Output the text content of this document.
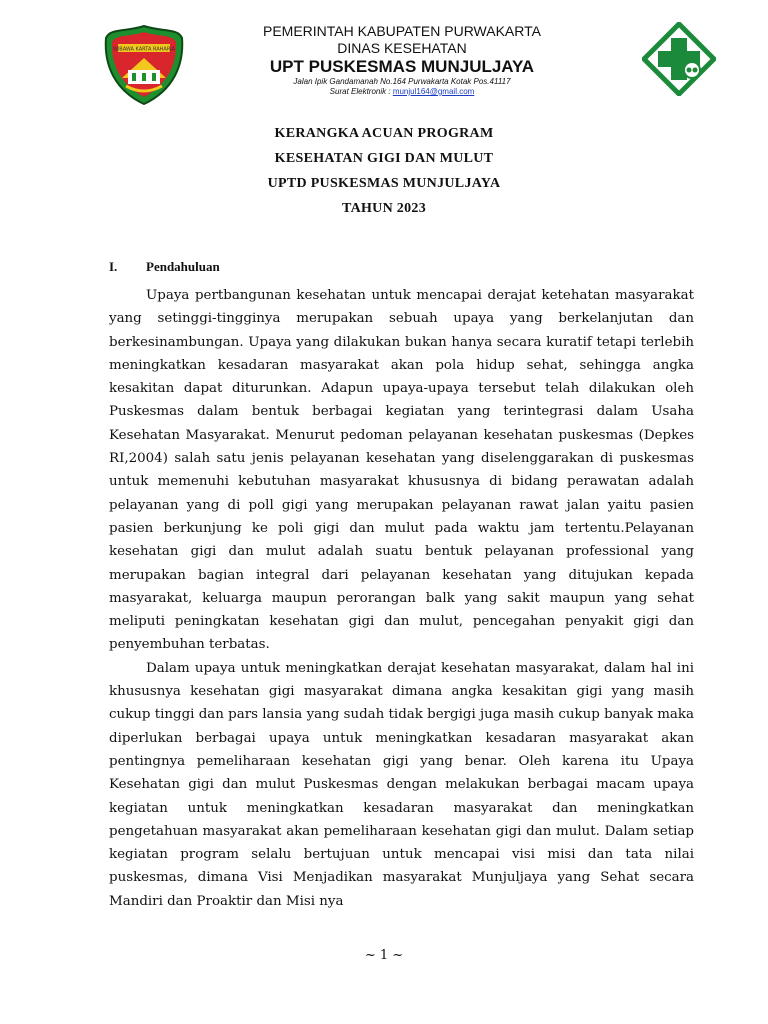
WIBAWA KARTA RAHARJA
PEMERINTAH KABUPATEN PURWAKARTA
DINAS KESEHATAN
UPT PUSKESMAS MUNJULJAYA
Jalan Ipik Gandamanah No.164 Purwakarta Kotak Pos.41117
Surat Elektronik : munjul164@gmail.com
KERANGKA ACUAN PROGRAM
KESEHATAN GIGI DAN MULUT
UPTD PUSKESMAS MUNJULJAYA
TAHUN 2023
I. Pendahuluan

Upaya pertbangunan kesehatan untuk mencapai derajat ketehatan masyarakat yang setinggi-tingginya merupakan sebuah upaya yang berkelanjutan dan berkesinambungan. Upaya yang dilakukan bukan hanya secara kuratif tetapi terlebih meningkatkan kesadaran masyarakat akan pola hidup sehat, sehingga angka kesakitan dapat diturunkan. Adapun upaya-upaya tersebut telah dilakukan oleh Puskesmas dalam bentuk berbagai kegiatan yang terintegrasi dalam Usaha Kesehatan Masyarakat. Menurut pedoman pelayanan kesehatan puskesmas (Depkes RI,2004) salah satu jenis pelayanan kesehatan yang diselenggarakan di puskesmas untuk memenuhi kebutuhan masyarakat khususnya di bidang perawatan adalah pelayanan yang di poll gigi yang merupakan pelayanan rawat jalan yaitu pasien pasien berkunjung ke poli gigi dan mulut pada waktu jam tertentu.Pelayanan kesehatan gigi dan mulut adalah suatu bentuk pelayanan professional yang merupakan bagian integral dari pelayanan kesehatan yang ditujukan kepada masyarakat, keluarga maupun perorangan balk yang sakit maupun yang sehat meliputi peningkatan kesehatan gigi dan mulut, pencegahan penyakit gigi dan penyembuhan terbatas.

Dalam upaya untuk meningkatkan derajat kesehatan masyarakat, dalam hal ini khususnya kesehatan gigi masyarakat dimana angka kesakitan gigi yang masih cukup tinggi dan pars lansia yang sudah tidak bergigi juga masih cukup banyak maka diperlukan berbagai upaya untuk meningkatkan kesadaran masyarakat akan pentingnya pemeliharaan kesehatan gigi yang benar. Oleh karena itu Upaya Kesehatan gigi dan mulut Puskesmas dengan melakukan berbagai macam upaya kegiatan untuk meningkatkan kesadaran masyarakat dan meningkatkan pengetahuan masyarakat akan pemeliharaan kesehatan gigi dan mulut. Dalam setiap kegiatan program selalu bertujuan untuk mencapai visi misi dan tata nilai puskesmas, dimana Visi Menjadikan masyarakat Munjuljaya yang Sehat secara Mandiri dan Proaktir dan Misi nya

~ 1 ~
